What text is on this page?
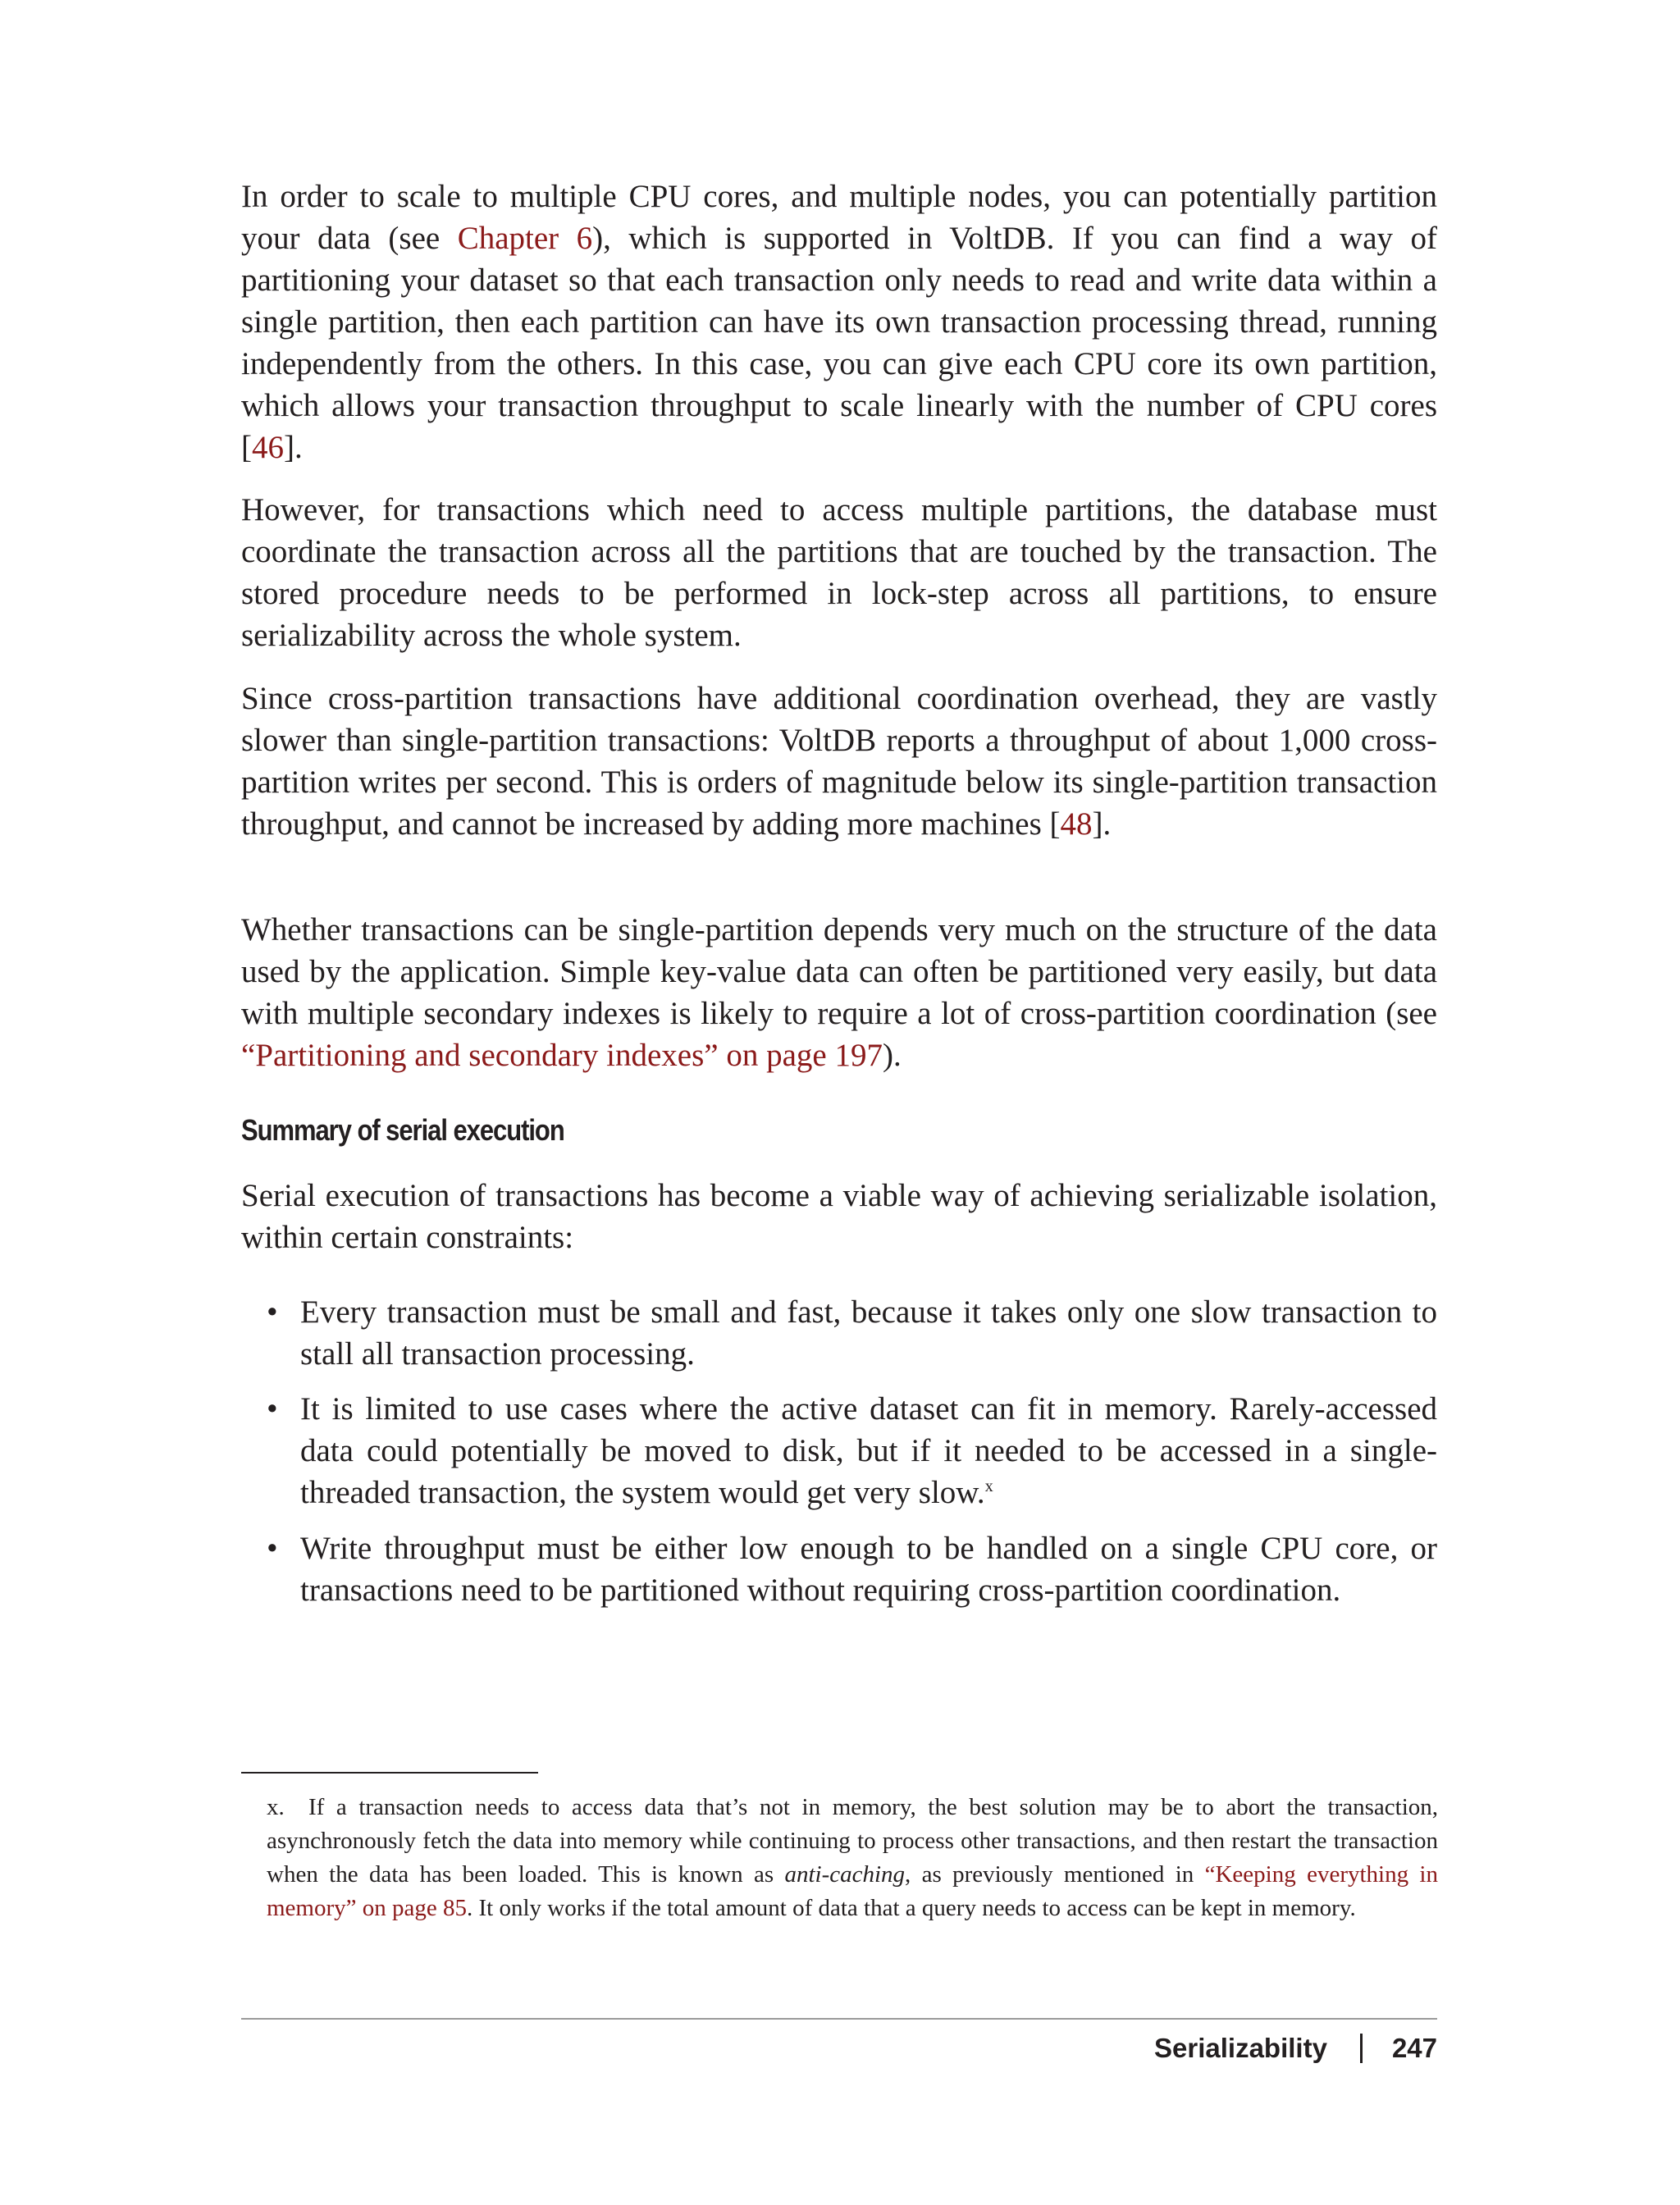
In order to scale to multiple CPU cores, and multiple nodes, you can potentially partition your data (see Chapter 6), which is supported in VoltDB. If you can find a way of partitioning your dataset so that each transaction only needs to read and write data within a single partition, then each partition can have its own transaction processing thread, running independently from the others. In this case, you can give each CPU core its own partition, which allows your transaction throughput to scale linearly with the number of CPU cores [46].

However, for transactions which need to access multiple partitions, the database must coordinate the transaction across all the partitions that are touched by the transaction. The stored procedure needs to be performed in lock-step across all partitions, to ensure serializability across the whole system.

Since cross-partition transactions have additional coordination overhead, they are vastly slower than single-partition transactions: VoltDB reports a throughput of about 1,000 cross-partition writes per second. This is orders of magnitude below its single-partition transaction throughput, and cannot be increased by adding more machines [48].

Whether transactions can be single-partition depends very much on the structure of the data used by the application. Simple key-value data can often be partitioned very easily, but data with multiple secondary indexes is likely to require a lot of cross-partition coordination (see “Partitioning and secondary indexes” on page 197).

Summary of serial execution

Serial execution of transactions has become a viable way of achieving serializable isolation, within certain constraints:

• Every transaction must be small and fast, because it takes only one slow transaction to stall all transaction processing.

• It is limited to use cases where the active dataset can fit in memory. Rarely-accessed data could potentially be moved to disk, but if it needed to be accessed in a single-threaded transaction, the system would get very slow.$^x$

• Write throughput must be either low enough to be handled on a single CPU core, or transactions need to be partitioned without requiring cross-partition coordination.

x. If a transaction needs to access data that’s not in memory, the best solution may be to abort the transaction, asynchronously fetch the data into memory while continuing to process other transactions, and then restart the transaction when the data has been loaded. This is known as anti-caching, as previously mentioned in “Keeping everything in memory” on page 85. It only works if the total amount of data that a query needs to access can be kept in memory.

Serializability 247
